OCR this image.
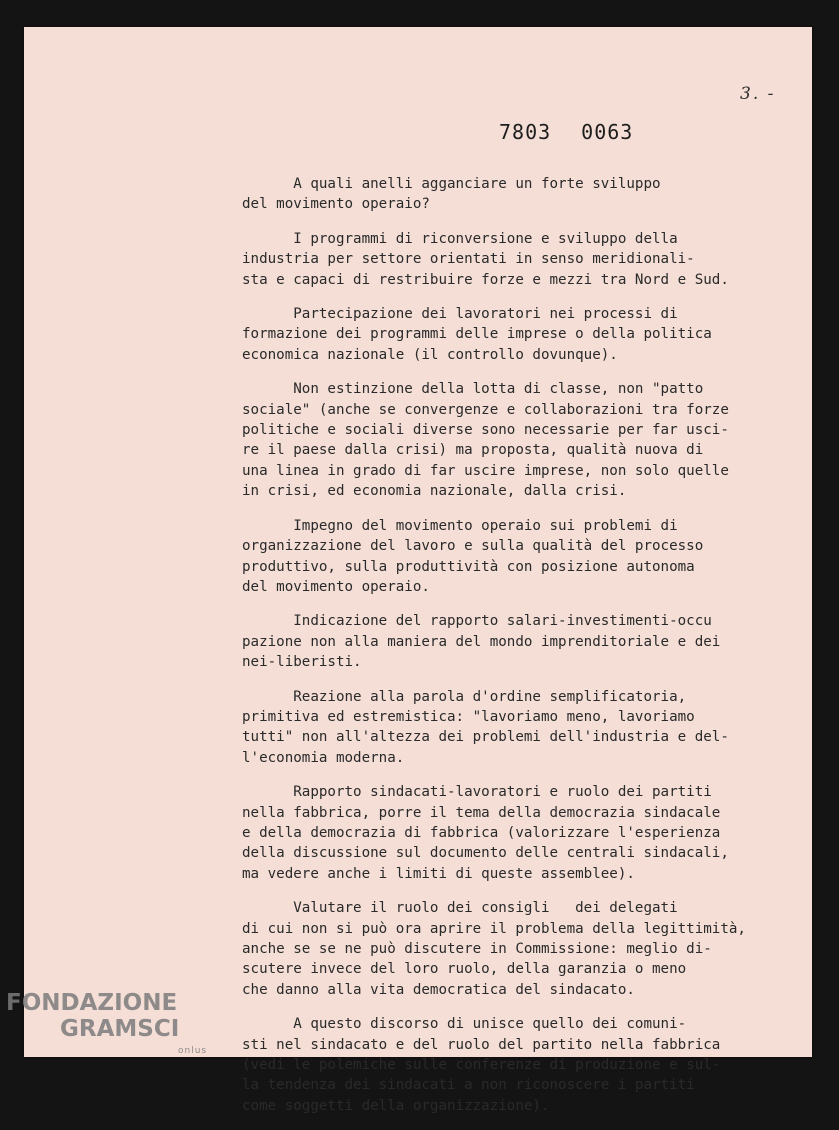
3. -
7803 0063
A quali anelli agganciare un forte sviluppo
del movimento operaio?
I programmi di riconversione e sviluppo della
industria per settore orientati in senso meridionali-
sta e capaci di restribuire forze e mezzi tra Nord e Sud.
Partecipazione dei lavoratori nei processi di
formazione dei programmi delle imprese o della politica
economica nazionale (il controllo dovunque).
Non estinzione della lotta di classe, non "patto
sociale" (anche se convergenze e collaborazioni tra forze
politiche e sociali diverse sono necessarie per far usci-
re il paese dalla crisi) ma proposta, qualità nuova di
una linea in grado di far uscire imprese, non solo quelle
in crisi, ed economia nazionale, dalla crisi.
Impegno del movimento operaio sui problemi di
organizzazione del lavoro e sulla qualità del processo
produttivo, sulla produttività con posizione autonoma
del movimento operaio.
Indicazione del rapporto salari-investimenti-occu
pazione non alla maniera del mondo imprenditoriale e dei
nei-liberisti.
Reazione alla parola d'ordine semplificatoria,
primitiva ed estremistica: "lavoriamo meno, lavoriamo
tutti" non all'altezza dei problemi dell'industria e del-
l'economia moderna.
Rapporto sindacati-lavoratori e ruolo dei partiti
nella fabbrica, porre il tema della democrazia sindacale
e della democrazia di fabbrica (valorizzare l'esperienza
della discussione sul documento delle centrali sindacali,
ma vedere anche i limiti di queste assemblee).
Valutare il ruolo dei consigli   dei delegati
di cui non si può ora aprire il problema della legittimità,
anche se se ne può discutere in Commissione: meglio di-
scutere invece del loro ruolo, della garanzia o meno
che danno alla vita democratica del sindacato.
A questo discorso di unisce quello dei comuni-
sti nel sindacato e del ruolo del partito nella fabbrica
(vedi le polemiche sulle conferenze di produzione e sul-
la tendenza dei sindacati a non riconoscere i partiti
come soggetti della organizzazione).
FONDAZIONE
GRAMSCI
onlus
